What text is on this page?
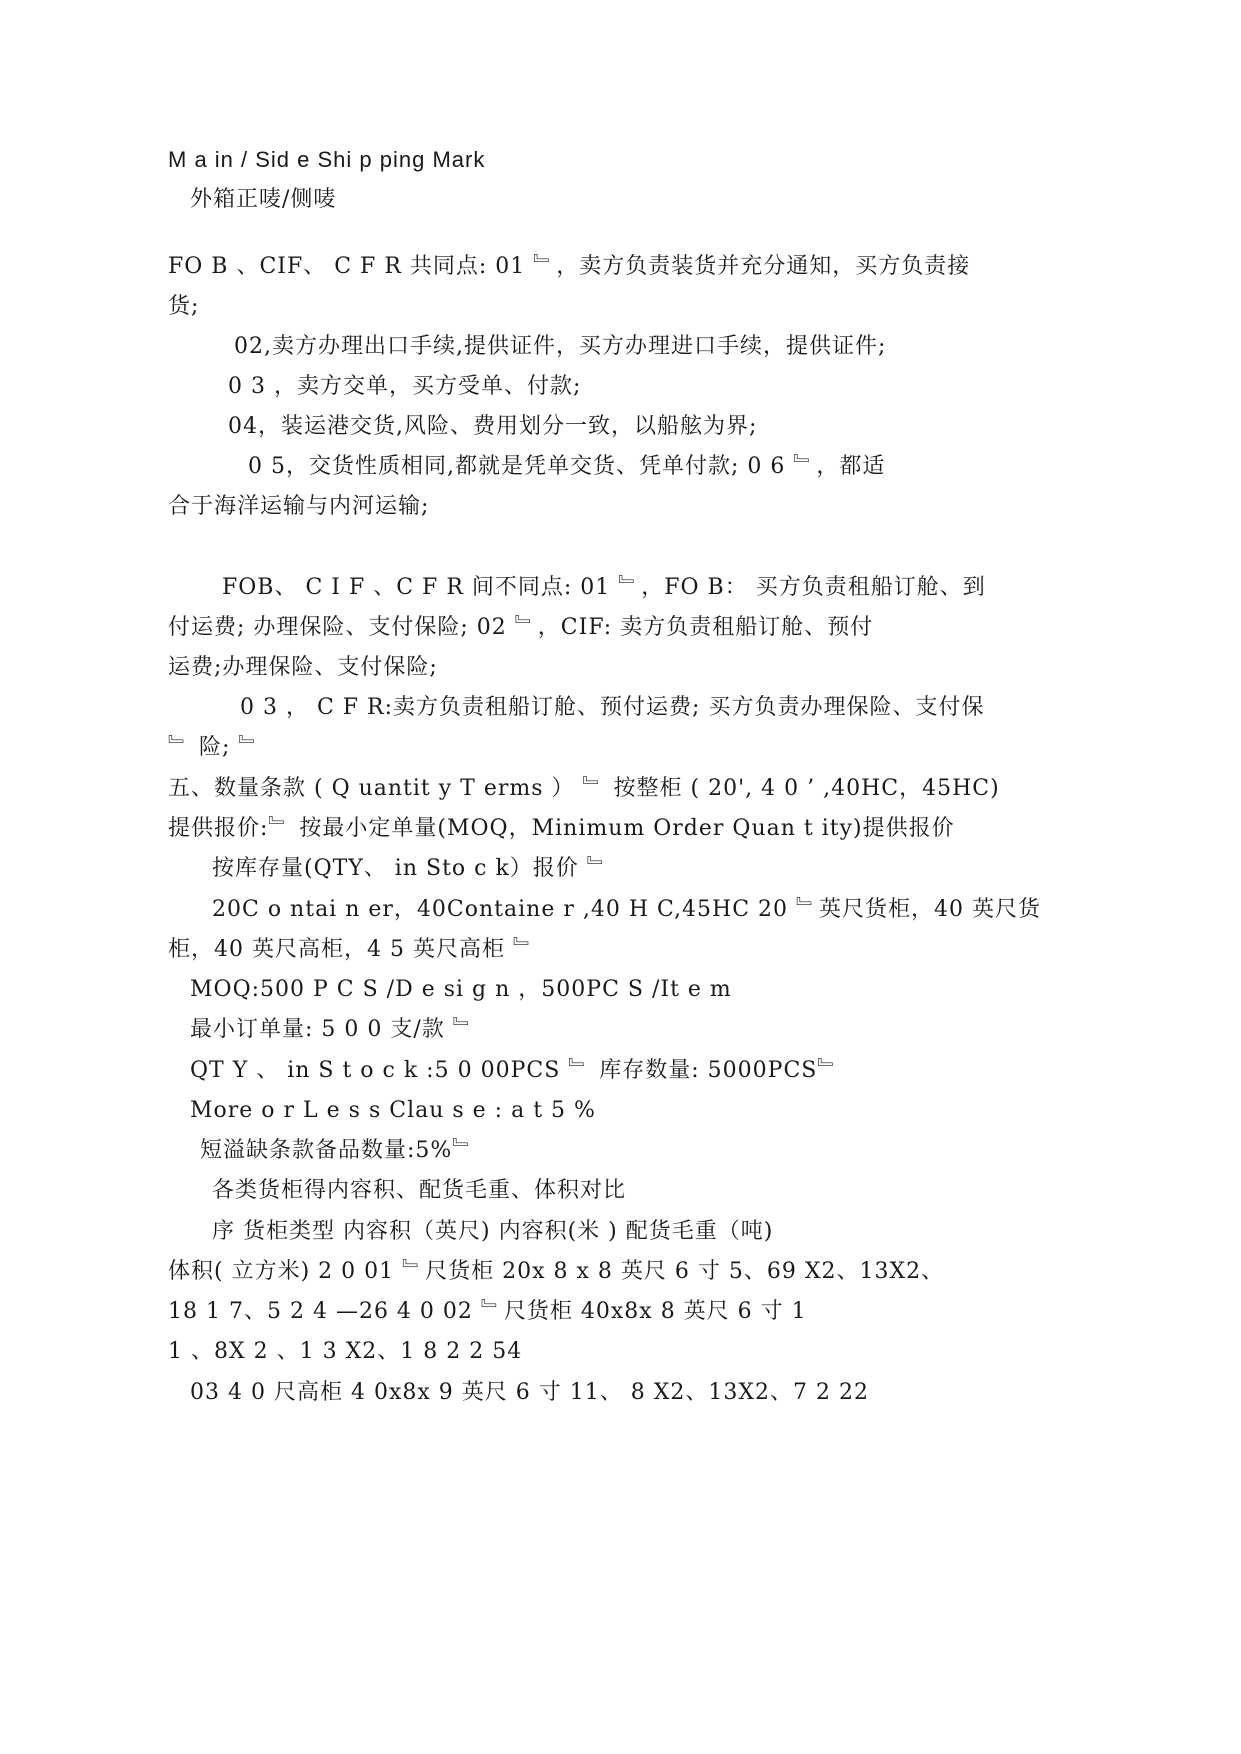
M a in / Sid e Shi p ping Mark
外箱正唛/侧唛
FO B 、CIF、 C F R 共同点: 01 ﹄，卖方负责装货并充分通知，买方负责接
货;
02,卖方办理出口手续,提供证件，买方办理进口手续，提供证件;
0 3 ，卖方交单，买方受单、付款;
04，装运港交货,风险、费用划分一致，以船舷为界;
0 5，交货性质相同,都就是凭单交货、凭单付款; 0 6 ﹄，都适
合于海洋运输与内河运输;
FOB、 C I F 、C F R 间不同点: 01 ﹄，FO B： 买方负责租船订舱、到
付运费; 办理保险、支付保险; 02 ﹄，CIF: 卖方负责租船订舱、预付
运费;办理保险、支付保险;
0 3 ， C F R:卖方负责租船订舱、预付运费; 买方负责办理保险、支付保
﹄ 险; ﹄
五、数量条款 ( Q uantit y T erms ） ﹄ 按整柜 ( 20', 4 0 ’ ,40HC，45HC)
提供报价:﹄ 按最小定单量(MOQ，Minimum Order Quan t ity)提供报价
按库存量(QTY、 in Sto c k）报价 ﹄
20C o ntai n er，40Containe r ,40 H C,45HC 20 ﹄英尺货柜，40 英尺货
柜，40 英尺高柜，4 5 英尺高柜 ﹄
MOQ:500 P C S /D e si g n ，500PC S /It e m
最小订单量: 5 0 0 支/款 ﹄
QT Y 、 in S t o c k :5 0 00PCS ﹄ 库存数量: 5000PCS﹄
More o r L e s s Clau s e : a t 5 %
短溢缺条款备品数量:5%﹄
各类货柜得内容积、配货毛重、体积对比
序 货柜类型 内容积（英尺) 内容积(米 ) 配货毛重（吨)
体积( 立方米) 2 0 01 ﹄尺货柜 20x 8 x 8 英尺 6 寸 5、69 X2、13X2、
18 1 7、5 2 4 —26 4 0 02 ﹄尺货柜 40x8x 8 英尺 6 寸 1
1 、8X 2 、1 3 X2、1 8 2 2 54
03 4 0 尺高柜 4 0x8x 9 英尺 6 寸 11、 8 X2、13X2、7 2 22
